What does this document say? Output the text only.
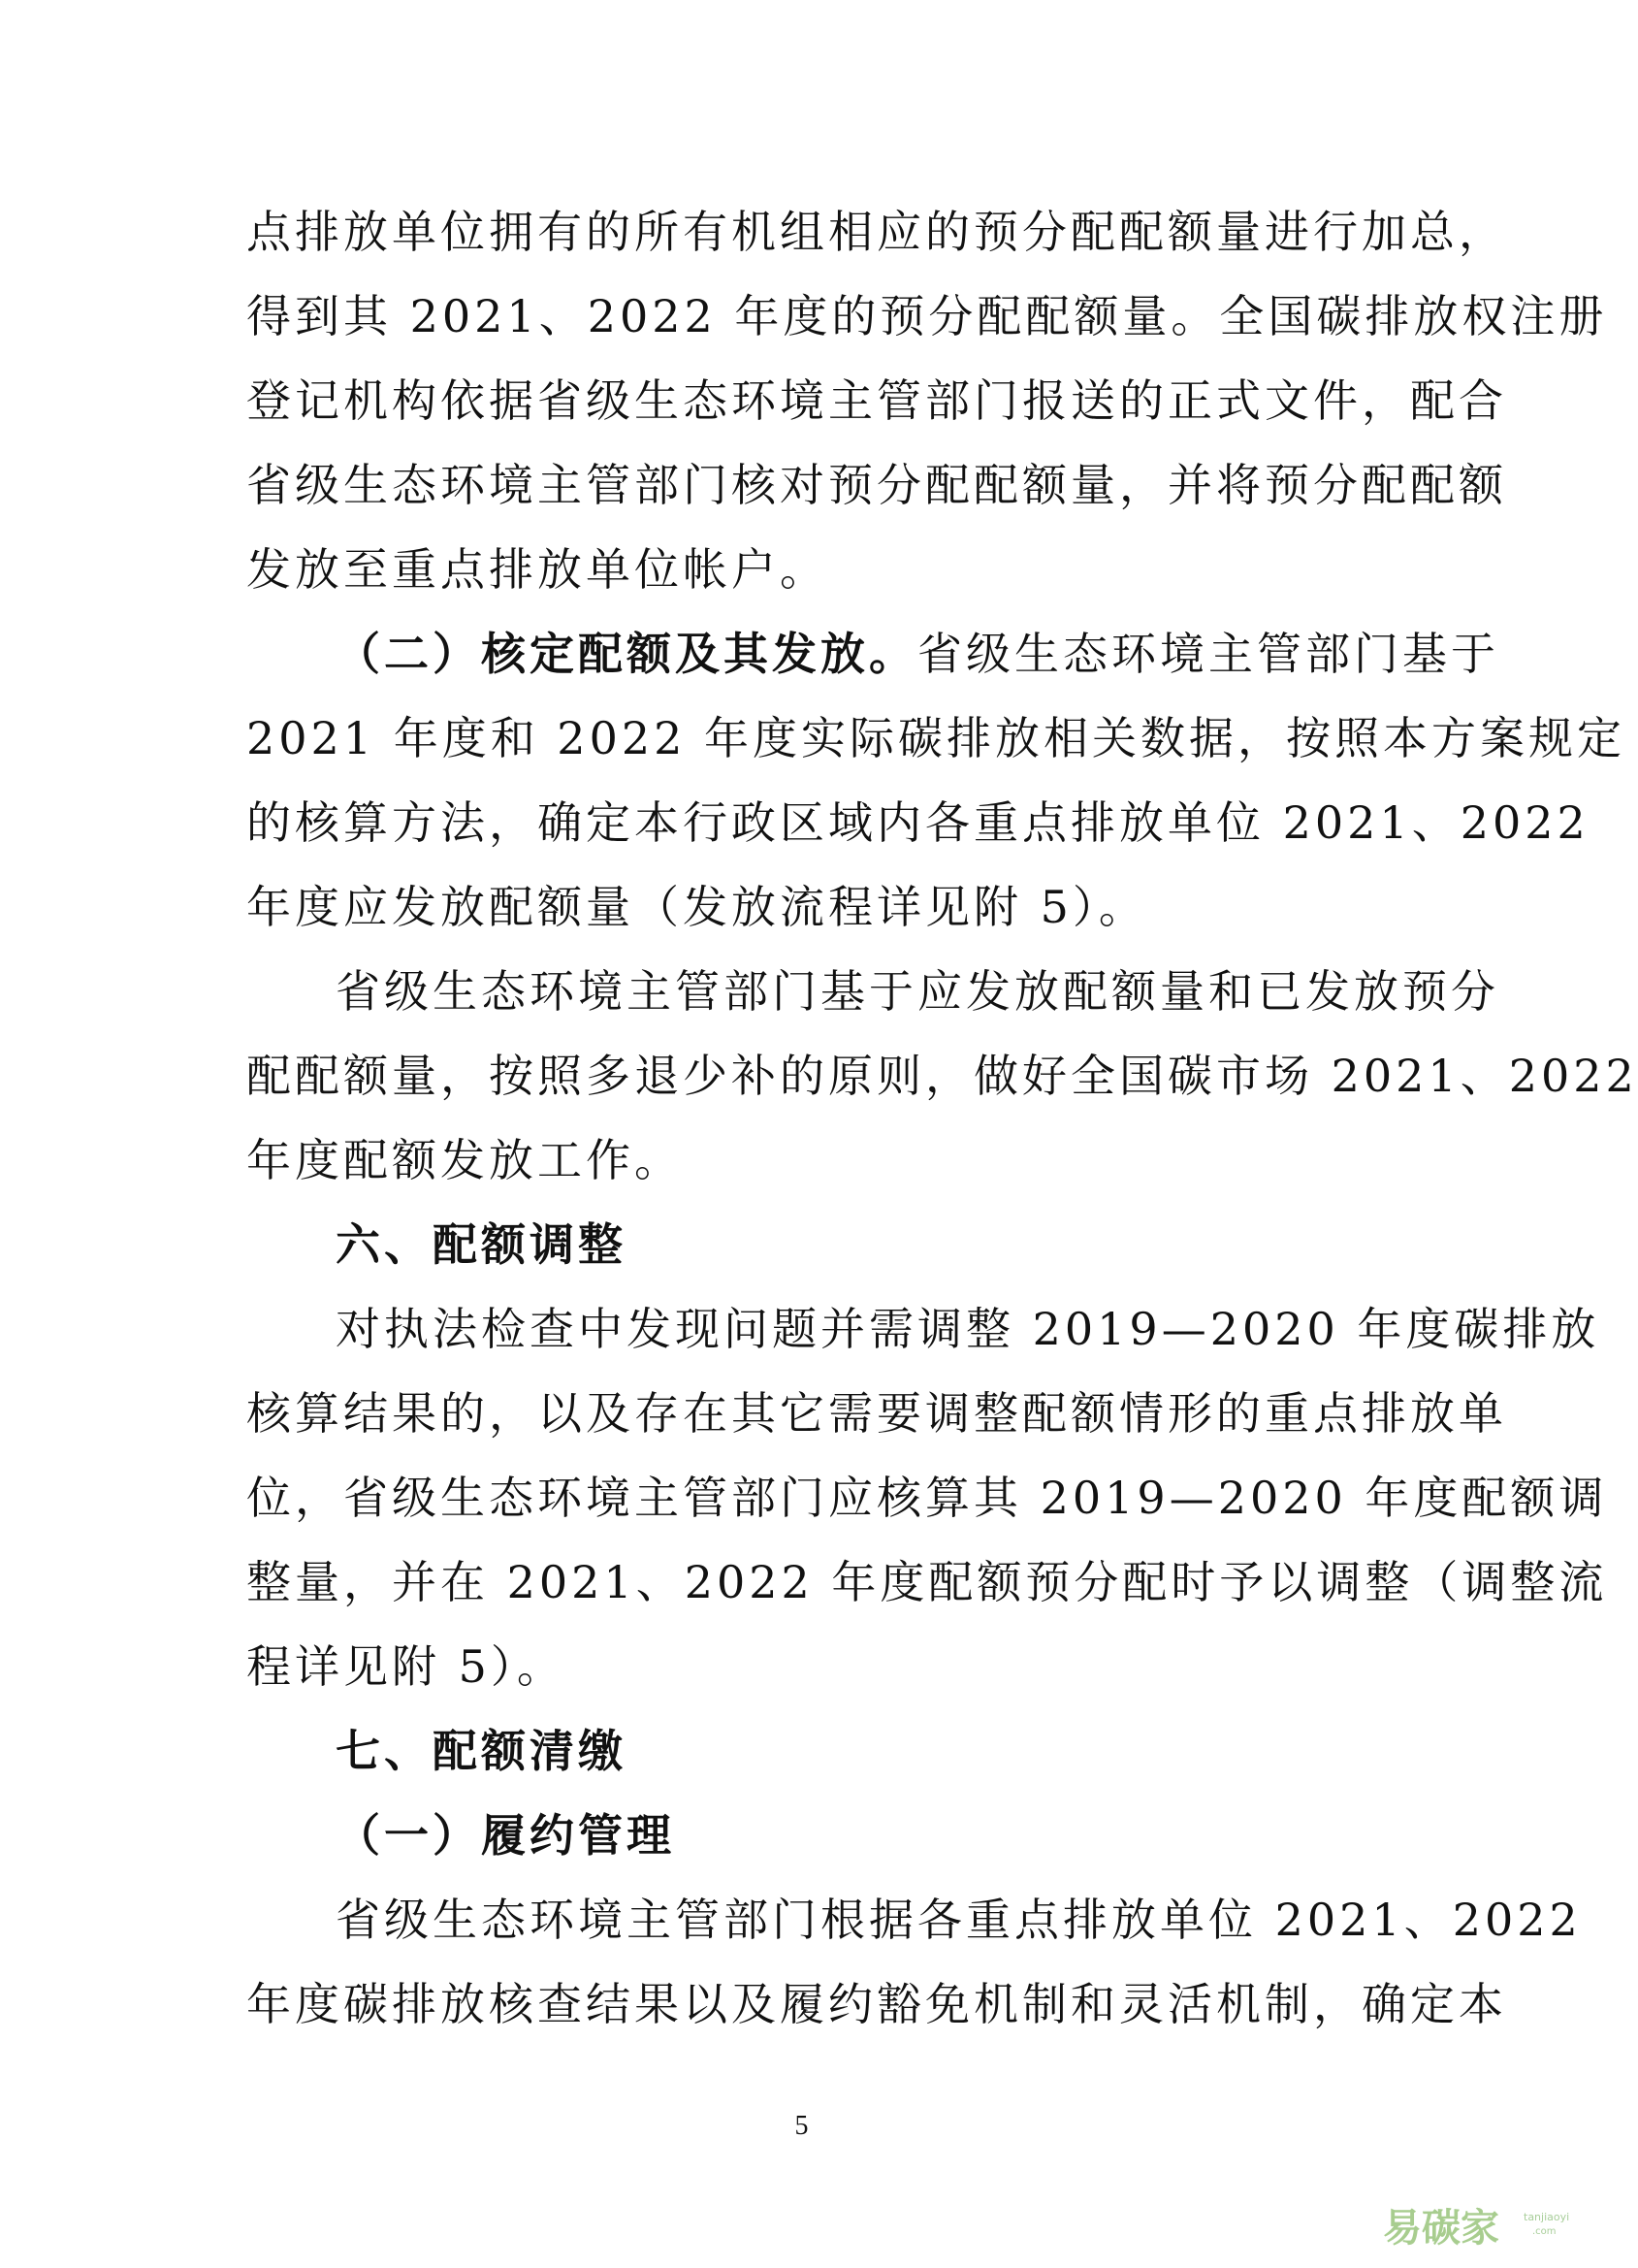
点排放单位拥有的所有机组相应的预分配配额量进行加总，
得到其 2021、2022 年度的预分配配额量。全国碳排放权注册
登记机构依据省级生态环境主管部门报送的正式文件，配合
省级生态环境主管部门核对预分配配额量，并将预分配配额
发放至重点排放单位帐户。
（二）核定配额及其发放。省级生态环境主管部门基于
2021 年度和 2022 年度实际碳排放相关数据，按照本方案规定
的核算方法，确定本行政区域内各重点排放单位 2021、2022
年度应发放配额量（发放流程详见附 5）。
省级生态环境主管部门基于应发放配额量和已发放预分
配配额量，按照多退少补的原则，做好全国碳市场 2021、2022
年度配额发放工作。
六、配额调整
对执法检查中发现问题并需调整 2019—2020 年度碳排放
核算结果的，以及存在其它需要调整配额情形的重点排放单
位，省级生态环境主管部门应核算其 2019—2020 年度配额调
整量，并在 2021、2022 年度配额预分配时予以调整（调整流
程详见附 5）。
七、配额清缴
（一）履约管理
省级生态环境主管部门根据各重点排放单位 2021、2022
年度碳排放核查结果以及履约豁免机制和灵活机制，确定本
5
易碳家 tanjiaoyi
.com
